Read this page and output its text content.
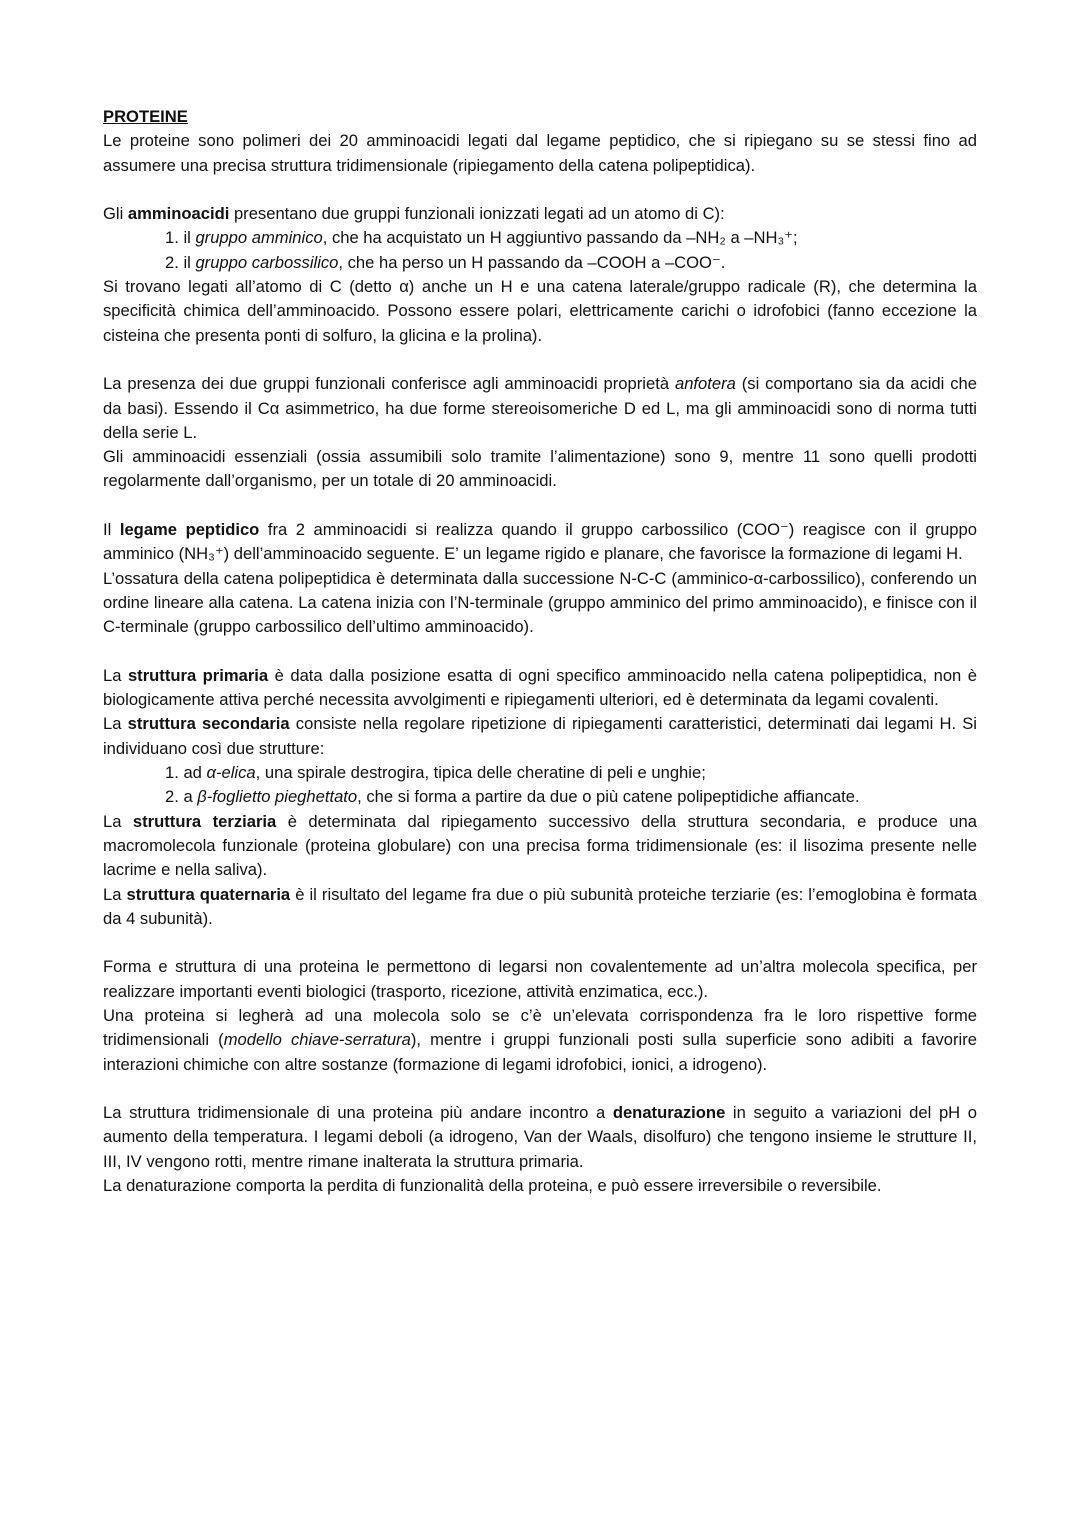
PROTEINE

Le proteine sono polimeri dei 20 amminoacidi legati dal legame peptidico, che si ripiegano su se stessi fino ad assumere una precisa struttura tridimensionale (ripiegamento della catena polipeptidica).

Gli amminoacidi presentano due gruppi funzionali ionizzati legati ad un atomo di C):

1. il gruppo amminico, che ha acquistato un H aggiuntivo passando da –NH₂ a –NH₃⁺;

2. il gruppo carbossilico, che ha perso un H passando da –COOH a –COO⁻.

Si trovano legati all’atomo di C (detto α) anche un H e una catena laterale/gruppo radicale (R), che determina la specificità chimica dell’amminoacido. Possono essere polari, elettricamente carichi o idrofobici (fanno eccezione la cisteina che presenta ponti di solfuro, la glicina e la prolina).

La presenza dei due gruppi funzionali conferisce agli amminoacidi proprietà anfotera (si comportano sia da acidi che da basi). Essendo il Cα asimmetrico, ha due forme stereoisomeriche D ed L, ma gli amminoacidi sono di norma tutti della serie L.

Gli amminoacidi essenziali (ossia assumibili solo tramite l’alimentazione) sono 9, mentre 11 sono quelli prodotti regolarmente dall’organismo, per un totale di 20 amminoacidi.

Il legame peptidico fra 2 amminoacidi si realizza quando il gruppo carbossilico (COO⁻) reagisce con il gruppo amminico (NH₃⁺) dell’amminoacido seguente. E’ un legame rigido e planare, che favorisce la formazione di legami H.

L’ossatura della catena polipeptidica è determinata dalla successione N-C-C (amminico-α-carbossilico), conferendo un ordine lineare alla catena. La catena inizia con l’N-terminale (gruppo amminico del primo amminoacido), e finisce con il C-terminale (gruppo carbossilico dell’ultimo amminoacido).

La struttura primaria è data dalla posizione esatta di ogni specifico amminoacido nella catena polipeptidica, non è biologicamente attiva perché necessita avvolgimenti e ripiegamenti ulteriori, ed è determinata da legami covalenti.

La struttura secondaria consiste nella regolare ripetizione di ripiegamenti caratteristici, determinati dai legami H. Si individuano così due strutture:

1. ad α-elica, una spirale destrogira, tipica delle cheratine di peli e unghie;

2. a β-foglietto pieghettato, che si forma a partire da due o più catene polipeptidiche affiancate.

La struttura terziaria è determinata dal ripiegamento successivo della struttura secondaria, e produce una macromolecola funzionale (proteina globulare) con una precisa forma tridimensionale (es: il lisozima presente nelle lacrime e nella saliva).

La struttura quaternaria è il risultato del legame fra due o più subunità proteiche terziarie (es: l’emoglobina è formata da 4 subunità).

Forma e struttura di una proteina le permettono di legarsi non covalentemente ad un’altra molecola specifica, per realizzare importanti eventi biologici (trasporto, ricezione, attività enzimatica, ecc.).

Una proteina si legherà ad una molecola solo se c’è un’elevata corrispondenza fra le loro rispettive forme tridimensionali (modello chiave-serratura), mentre i gruppi funzionali posti sulla superficie sono adibiti a favorire interazioni chimiche con altre sostanze (formazione di legami idrofobici, ionici, a idrogeno).

La struttura tridimensionale di una proteina più andare incontro a denaturazione in seguito a variazioni del pH o aumento della temperatura. I legami deboli (a idrogeno, Van der Waals, disolfuro) che tengono insieme le strutture II, III, IV vengono rotti, mentre rimane inalterata la struttura primaria.

La denaturazione comporta la perdita di funzionalità della proteina, e può essere irreversibile o reversibile.
